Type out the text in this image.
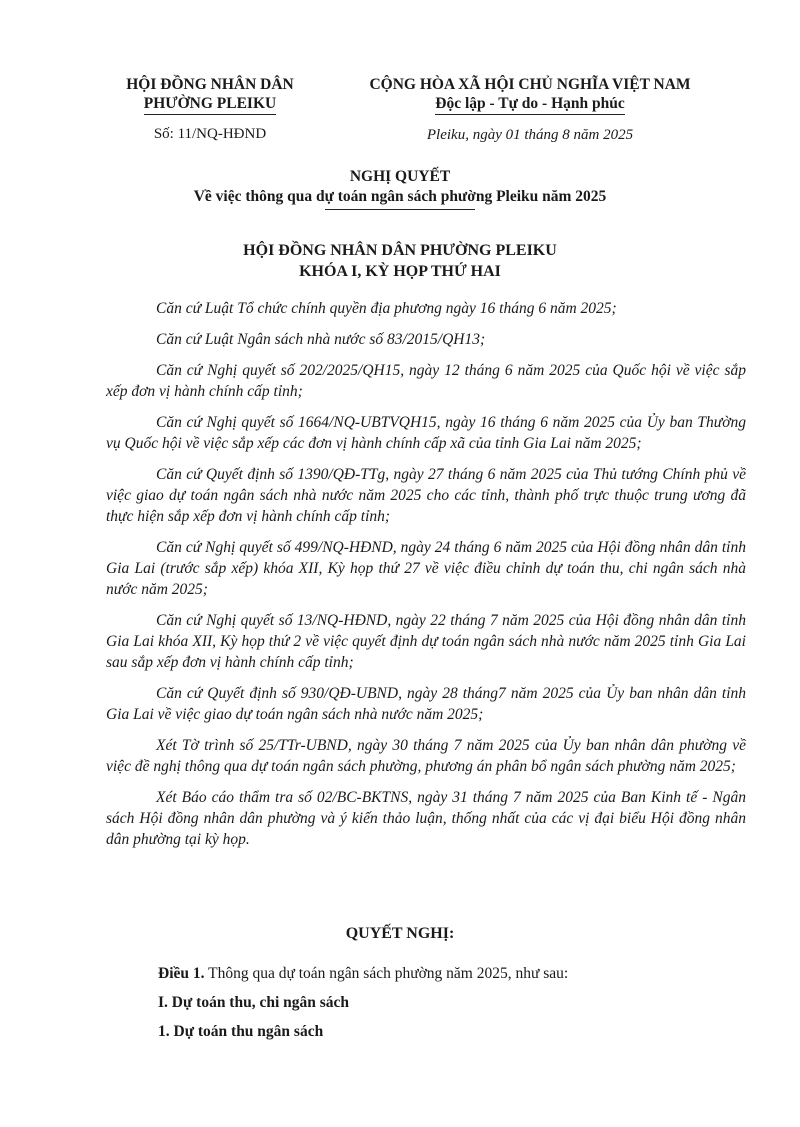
HỘI ĐỒNG NHÂN DÂN
PHƯỜNG PLEIKU
Số: 11/NQ-HĐND
CỘNG HÒA XÃ HỘI CHỦ NGHĨA VIỆT NAM
Độc lập - Tự do - Hạnh phúc
Pleiku, ngày 01 tháng 8 năm 2025
NGHỊ QUYẾT
Về việc thông qua dự toán ngân sách phường Pleiku năm 2025
HỘI ĐỒNG NHÂN DÂN PHƯỜNG PLEIKU
KHÓA I, KỲ HỌP THỨ HAI

Căn cứ Luật Tổ chức chính quyền địa phương ngày 16 tháng 6 năm 2025;

Căn cứ Luật Ngân sách nhà nước số 83/2015/QH13;

Căn cứ Nghị quyết số 202/2025/QH15, ngày 12 tháng 6 năm 2025 của Quốc hội về việc sắp xếp đơn vị hành chính cấp tỉnh;

Căn cứ Nghị quyết số 1664/NQ-UBTVQH15, ngày 16 tháng 6 năm 2025 của Ủy ban Thường vụ Quốc hội về việc sắp xếp các đơn vị hành chính cấp xã của tỉnh Gia Lai năm 2025;

Căn cứ Quyết định số 1390/QĐ-TTg, ngày 27 tháng 6 năm 2025 của Thủ tướng Chính phủ về việc giao dự toán ngân sách nhà nước năm 2025 cho các tỉnh, thành phố trực thuộc trung ương đã thực hiện sắp xếp đơn vị hành chính cấp tỉnh;

Căn cứ Nghị quyết số 499/NQ-HĐND, ngày 24 tháng 6 năm 2025 của Hội đồng nhân dân tỉnh Gia Lai (trước sắp xếp) khóa XII, Kỳ họp thứ 27 về việc điều chỉnh dự toán thu, chi ngân sách nhà nước năm 2025;

Căn cứ Nghị quyết số 13/NQ-HĐND, ngày 22 tháng 7 năm 2025 của Hội đồng nhân dân tỉnh Gia Lai khóa XII, Kỳ họp thứ 2 về việc quyết định dự toán ngân sách nhà nước năm 2025 tỉnh Gia Lai sau sắp xếp đơn vị hành chính cấp tỉnh;

Căn cứ Quyết định số 930/QĐ-UBND, ngày 28 tháng7 năm 2025 của Ủy ban nhân dân tỉnh Gia Lai về việc giao dự toán ngân sách nhà nước năm 2025;

Xét Tờ trình số 25/TTr-UBND, ngày 30 tháng 7 năm 2025 của Ủy ban nhân dân phường về việc đề nghị thông qua dự toán ngân sách phường, phương án phân bổ ngân sách phường năm 2025;

Xét Báo cáo thẩm tra số 02/BC-BKTNS, ngày 31 tháng 7 năm 2025 của Ban Kinh tế - Ngân sách Hội đồng nhân dân phường và ý kiến thảo luận, thống nhất của các vị đại biểu Hội đồng nhân dân phường tại kỳ họp.

QUYẾT NGHỊ:

Điều 1. Thông qua dự toán ngân sách phường năm 2025, như sau:

I. Dự toán thu, chi ngân sách

1. Dự toán thu ngân sách
